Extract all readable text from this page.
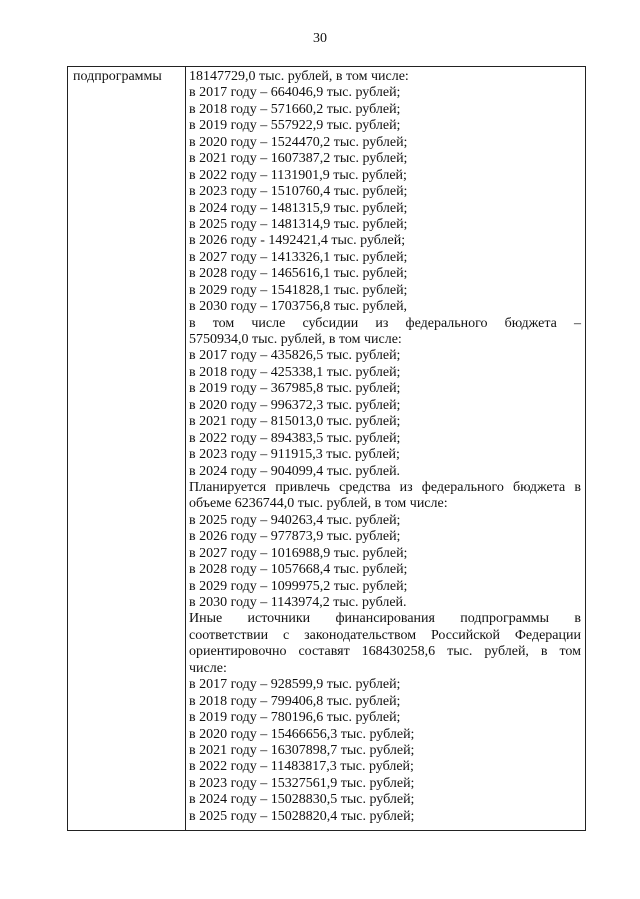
30
подпрограммы 18147729,0 тыс. рублей, в том числе:
в 2017 году – 664046,9 тыс. рублей;
в 2018 году – 571660,2 тыс. рублей;
в 2019 году – 557922,9 тыс. рублей;
в 2020 году – 1524470,2 тыс. рублей;
в 2021 году – 1607387,2 тыс. рублей;
в 2022 году – 1131901,9 тыс. рублей;
в 2023 году – 1510760,4 тыс. рублей;
в 2024 году – 1481315,9 тыс. рублей;
в 2025 году – 1481314,9 тыс. рублей;
в 2026 году - 1492421,4 тыс. рублей;
в 2027 году – 1413326,1 тыс. рублей;
в 2028 году – 1465616,1 тыс. рублей;
в 2029 году – 1541828,1 тыс. рублей;
в 2030 году – 1703756,8 тыс. рублей,
в том числе субсидии из федерального бюджета –
5750934,0 тыс. рублей, в том числе:
в 2017 году – 435826,5 тыс. рублей;
в 2018 году – 425338,1 тыс. рублей;
в 2019 году – 367985,8 тыс. рублей;
в 2020 году – 996372,3 тыс. рублей;
в 2021 году – 815013,0 тыс. рублей;
в 2022 году – 894383,5 тыс. рублей;
в 2023 году – 911915,3 тыс. рублей;
в 2024 году – 904099,4 тыс. рублей.
Планируется привлечь средства из федерального бюджета в
объеме 6236744,0 тыс. рублей, в том числе:
в 2025 году – 940263,4 тыс. рублей;
в 2026 году – 977873,9 тыс. рублей;
в 2027 году – 1016988,9 тыс. рублей;
в 2028 году – 1057668,4 тыс. рублей;
в 2029 году – 1099975,2 тыс. рублей;
в 2030 году – 1143974,2 тыс. рублей.
Иные источники финансирования подпрограммы в
соответствии с законодательством Российской Федерации
ориентировочно составят 168430258,6 тыс. рублей, в том
числе:
в 2017 году – 928599,9 тыс. рублей;
в 2018 году – 799406,8 тыс. рублей;
в 2019 году – 780196,6 тыс. рублей;
в 2020 году – 15466656,3 тыс. рублей;
в 2021 году – 16307898,7 тыс. рублей;
в 2022 году – 11483817,3 тыс. рублей;
в 2023 году – 15327561,9 тыс. рублей;
в 2024 году – 15028830,5 тыс. рублей;
в 2025 году – 15028820,4 тыс. рублей;
